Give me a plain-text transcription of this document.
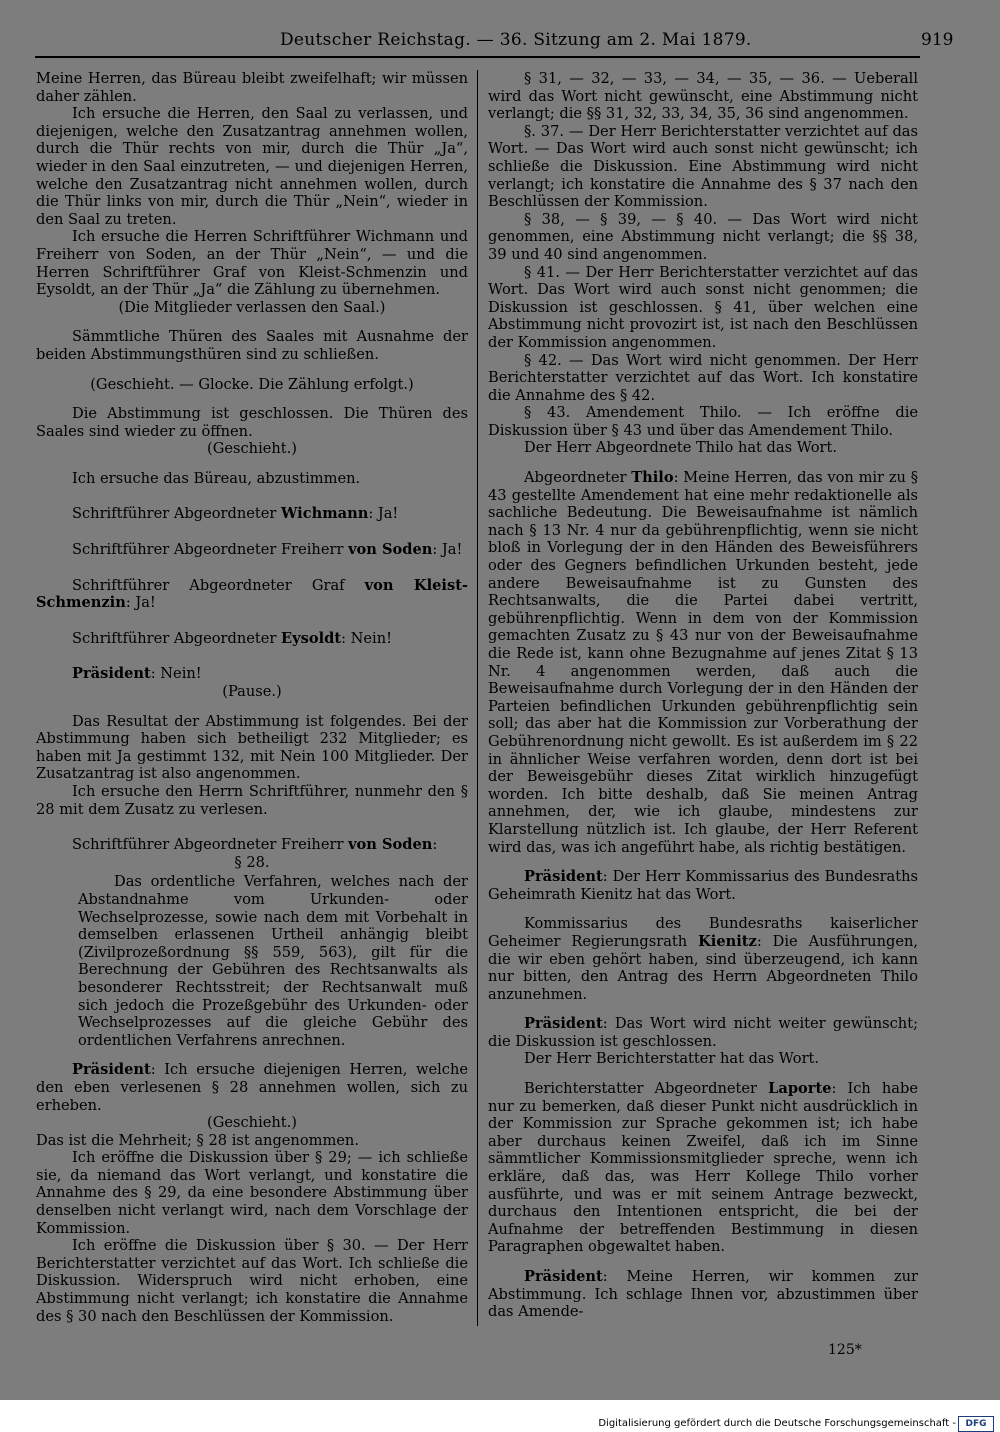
Deutscher Reichstag. — 36. Sitzung am 2. Mai 1879.	919

Meine Herren, das Büreau bleibt zweifelhaft; wir müssen daher zählen.

Ich ersuche die Herren, den Saal zu verlassen, und diejenigen, welche den Zusatzantrag annehmen wollen, durch die Thür rechts von mir, durch die Thür „Ja“, wieder in den Saal einzutreten, — und diejenigen Herren, welche den Zusatzantrag nicht annehmen wollen, durch die Thür links von mir, durch die Thür „Nein“, wieder in den Saal zu treten.

Ich ersuche die Herren Schriftführer Wichmann und Freiherr von Soden, an der Thür „Nein“, — und die Herren Schriftführer Graf von Kleist-Schmenzin und Eysoldt, an der Thür „Ja“ die Zählung zu übernehmen.

(Die Mitglieder verlassen den Saal.)

Sämmtliche Thüren des Saales mit Ausnahme der beiden Abstimmungsthüren sind zu schließen.

(Geschieht. — Glocke. Die Zählung erfolgt.)

Die Abstimmung ist geschlossen. Die Thüren des Saales sind wieder zu öffnen.

(Geschieht.)

Ich ersuche das Büreau, abzustimmen.

Schriftführer Abgeordneter Wichmann: Ja!

Schriftführer Abgeordneter Freiherr von Soden: Ja!

Schriftführer Abgeordneter Graf von Kleist-Schmenzin: Ja!

Schriftführer Abgeordneter Eysoldt: Nein!

Präsident: Nein!

(Pause.)

Das Resultat der Abstimmung ist folgendes. Bei der Abstimmung haben sich betheiligt 232 Mitglieder; es haben mit Ja gestimmt 132, mit Nein 100 Mitglieder. Der Zusatzantrag ist also angenommen.

Ich ersuche den Herrn Schriftführer, nunmehr den § 28 mit dem Zusatz zu verlesen.

Schriftführer Abgeordneter Freiherr von Soden:

§ 28.

Das ordentliche Verfahren, welches nach der Abstandnahme vom Urkunden- oder Wechselprozesse, sowie nach dem mit Vorbehalt in demselben erlassenen Urtheil anhängig bleibt (Zivilprozeßordnung §§ 559, 563), gilt für die Berechnung der Gebühren des Rechtsanwalts als besonderer Rechtsstreit; der Rechtsanwalt muß sich jedoch die Prozeßgebühr des Urkunden- oder Wechselprozesses auf die gleiche Gebühr des ordentlichen Verfahrens anrechnen.

Präsident: Ich ersuche diejenigen Herren, welche den eben verlesenen § 28 annehmen wollen, sich zu erheben.

(Geschieht.)

Das ist die Mehrheit; § 28 ist angenommen.

Ich eröffne die Diskussion über § 29; — ich schließe sie, da niemand das Wort verlangt, und konstatire die Annahme des § 29, da eine besondere Abstimmung über denselben nicht verlangt wird, nach dem Vorschlage der Kommission.

Ich eröffne die Diskussion über § 30. — Der Herr Berichterstatter verzichtet auf das Wort. Ich schließe die Diskussion. Widerspruch wird nicht erhoben, eine Abstimmung nicht verlangt; ich konstatire die Annahme des § 30 nach den Beschlüssen der Kommission.

§ 31, — 32, — 33, — 34, — 35, — 36. — Ueberall wird das Wort nicht gewünscht, eine Abstimmung nicht verlangt; die §§ 31, 32, 33, 34, 35, 36 sind angenommen.

§. 37. — Der Herr Berichterstatter verzichtet auf das Wort. — Das Wort wird auch sonst nicht gewünscht; ich schließe die Diskussion. Eine Abstimmung wird nicht verlangt; ich konstatire die Annahme des § 37 nach den Beschlüssen der Kommission.

§ 38, — § 39, — § 40. — Das Wort wird nicht genommen, eine Abstimmung nicht verlangt; die §§ 38, 39 und 40 sind angenommen.

§ 41. — Der Herr Berichterstatter verzichtet auf das Wort. Das Wort wird auch sonst nicht genommen; die Diskussion ist geschlossen. § 41, über welchen eine Abstimmung nicht provozirt ist, ist nach den Beschlüssen der Kommission angenommen.

§ 42. — Das Wort wird nicht genommen. Der Herr Berichterstatter verzichtet auf das Wort. Ich konstatire die Annahme des § 42.

§ 43. Amendement Thilo. — Ich eröffne die Diskussion über § 43 und über das Amendement Thilo.

Der Herr Abgeordnete Thilo hat das Wort.

Abgeordneter Thilo: Meine Herren, das von mir zu § 43 gestellte Amendement hat eine mehr redaktionelle als sachliche Bedeutung. Die Beweisaufnahme ist nämlich nach § 13 Nr. 4 nur da gebührenpflichtig, wenn sie nicht bloß in Vorlegung der in den Händen des Beweisführers oder des Gegners befindlichen Urkunden besteht, jede andere Beweisaufnahme ist zu Gunsten des Rechtsanwalts, die die Partei dabei vertritt, gebührenpflichtig. Wenn in dem von der Kommission gemachten Zusatz zu § 43 nur von der Beweisaufnahme die Rede ist, kann ohne Bezugnahme auf jenes Zitat § 13 Nr. 4 angenommen werden, daß auch die Beweisaufnahme durch Vorlegung der in den Händen der Parteien befindlichen Urkunden gebührenpflichtig sein soll; das aber hat die Kommission zur Vorberathung der Gebührenordnung nicht gewollt. Es ist außerdem im § 22 in ähnlicher Weise verfahren worden, denn dort ist bei der Beweisgebühr dieses Zitat wirklich hinzugefügt worden. Ich bitte deshalb, daß Sie meinen Antrag annehmen, der, wie ich glaube, mindestens zur Klarstellung nützlich ist. Ich glaube, der Herr Referent wird das, was ich angeführt habe, als richtig bestätigen.

Präsident: Der Herr Kommissarius des Bundesraths Geheimrath Kienitz hat das Wort.

Kommissarius des Bundesraths kaiserlicher Geheimer Regierungsrath Kienitz: Die Ausführungen, die wir eben gehört haben, sind überzeugend, ich kann nur bitten, den Antrag des Herrn Abgeordneten Thilo anzunehmen.

Präsident: Das Wort wird nicht weiter gewünscht; die Diskussion ist geschlossen.

Der Herr Berichterstatter hat das Wort.

Berichterstatter Abgeordneter Laporte: Ich habe nur zu bemerken, daß dieser Punkt nicht ausdrücklich in der Kommission zur Sprache gekommen ist; ich habe aber durchaus keinen Zweifel, daß ich im Sinne sämmtlicher Kommissionsmitglieder spreche, wenn ich erkläre, daß das, was Herr Kollege Thilo vorher ausführte, und was er mit seinem Antrage bezweckt, durchaus den Intentionen entspricht, die bei der Aufnahme der betreffenden Bestimmung in diesen Paragraphen obgewaltet haben.

Präsident: Meine Herren, wir kommen zur Abstimmung. Ich schlage Ihnen vor, abzustimmen über das Amende-

125*
Digitalisierung gefördert durch die Deutsche Forschungsgemeinschaft -	DFG
